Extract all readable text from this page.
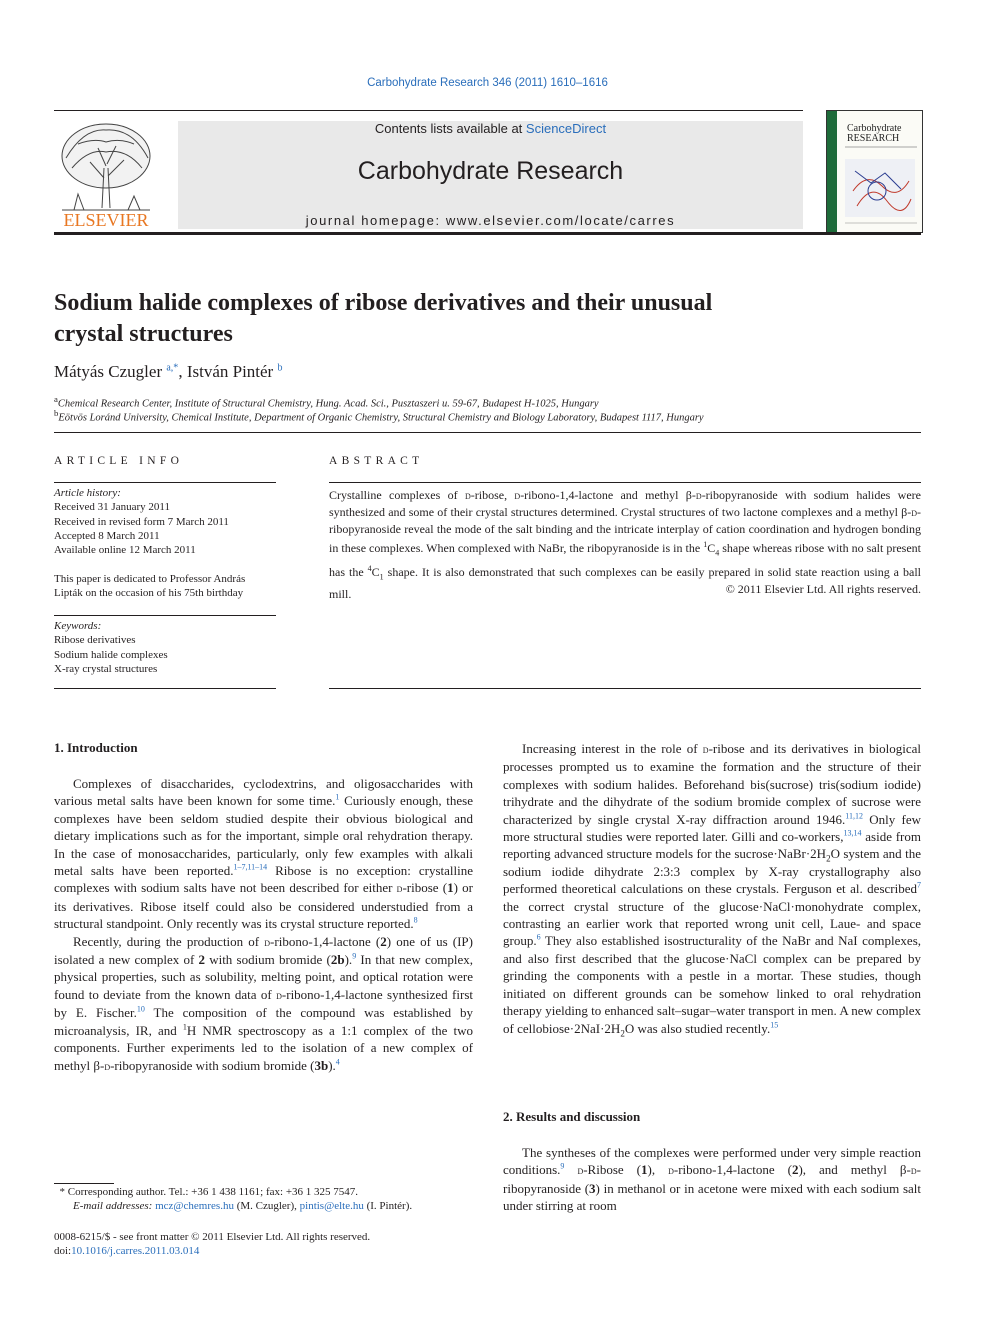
Carbohydrate Research 346 (2011) 1610–1616
Contents lists available at ScienceDirect
Carbohydrate Research
journal homepage: www.elsevier.com/locate/carres
ELSEVIER
Carbohydrate
RESEARCH
Sodium halide complexes of ribose derivatives and their unusual
crystal structures
Mátyás Czugler $^{a,*}$, István Pintér $^b$
$^a$Chemical Research Center, Institute of Structural Chemistry, Hung. Acad. Sci., Pusztaszeri u. 59-67, Budapest H-1025, Hungary
$^b$Eötvös Loránd University, Chemical Institute, Department of Organic Chemistry, Structural Chemistry and Biology Laboratory, Budapest 1117, Hungary
ARTICLE INFO
Article history:
Received 31 January 2011
Received in revised form 7 March 2011
Accepted 8 March 2011
Available online 12 March 2011
This paper is dedicated to Professor András
Lipták on the occasion of his 75th birthday
Keywords:
Ribose derivatives
Sodium halide complexes
X-ray crystal structures
ABSTRACT
Crystalline complexes of d-ribose, d-ribono-1,4-lactone and methyl β-d-ribopyranoside with sodium halides were synthesized and some of their crystal structures determined. Crystal structures of two lactone complexes and a methyl β-d-ribopyranoside reveal the mode of the salt binding and the intricate interplay of cation coordination and hydrogen bonding in these complexes. When complexed with NaBr, the ribopyranoside is in the $^1C_4$ shape whereas ribose with no salt present has the $^4C_1$ shape. It is also demonstrated that such complexes can be easily prepared in solid state reaction using a ball mill.	© 2011 Elsevier Ltd. All rights reserved.
1. Introduction

Complexes of disaccharides, cyclodextrins, and oligosaccharides with various metal salts have been known for some time.$^1$ Curiously enough, these complexes have been seldom studied despite their obvious biological and dietary implications such as for the important, simple oral rehydration therapy. In the case of monosaccharides, particularly, only few examples with alkali metal salts have been reported.$^{1-7,11-14}$ Ribose is no exception: crystalline complexes with sodium salts have not been described for either d-ribose (1) or its derivatives. Ribose itself could also be considered understudied from a structural standpoint. Only recently was its crystal structure reported.$^8$

Recently, during the production of d-ribono-1,4-lactone (2) one of us (IP) isolated a new complex of 2 with sodium bromide (2b).$^9$ In that new complex, physical properties, such as solubility, melting point, and optical rotation were found to deviate from the known data of d-ribono-1,4-lactone synthesized first by E. Fischer.$^{10}$ The composition of the compound was established by microanalysis, IR, and $^1$H NMR spectroscopy as a 1:1 complex of the two components. Further experiments led to the isolation of a new complex of methyl β-d-ribopyranoside with sodium bromide (3b).$^4$

* Corresponding author. Tel.: +36 1 438 1161; fax: +36 1 325 7547.
E-mail addresses: mcz@chemres.hu (M. Czugler), pintis@elte.hu (I. Pintér).
0008-6215/$ - see front matter © 2011 Elsevier Ltd. All rights reserved.
doi:10.1016/j.carres.2011.03.014

Increasing interest in the role of d-ribose and its derivatives in biological processes prompted us to examine the formation and the structure of their complexes with sodium halides. Beforehand bis(sucrose) tris(sodium iodide) trihydrate and the dihydrate of the sodium bromide complex of sucrose were characterized by single crystal X-ray diffraction around 1946.$^{11,12}$ Only few more structural studies were reported later. Gilli and co-workers,$^{13,14}$ aside from reporting advanced structure models for the $sucrose\cdot NaBr\cdot 2H_2O$ system and the sodium iodide dihydrate 2:3:3 complex by X-ray crystallography also performed theoretical calculations on these crystals. Ferguson et al. described$^7$ the correct crystal structure of the glucose·NaCl·monohydrate complex, contrasting an earlier work that reported wrong unit cell, Laue- and space group.$^6$ They also established isostructurality of the NaBr and NaI complexes, and also first described that the glucose·NaCl complex can be prepared by grinding the components with a pestle in a mortar. These studies, though initiated on different grounds can be somehow linked to oral rehydration therapy yielding to enhanced salt–sugar–water transport in men. A new complex of $cellobiose\cdot 2NaI\cdot 2H_2O$ was also studied recently.$^{15}$

2. Results and discussion

The syntheses of the complexes were performed under very simple reaction conditions.$^9$ d-Ribose (1), d-ribono-1,4-lactone (2), and methyl β-d-ribopyranoside (3) in methanol or in acetone were mixed with each sodium salt under stirring at room
